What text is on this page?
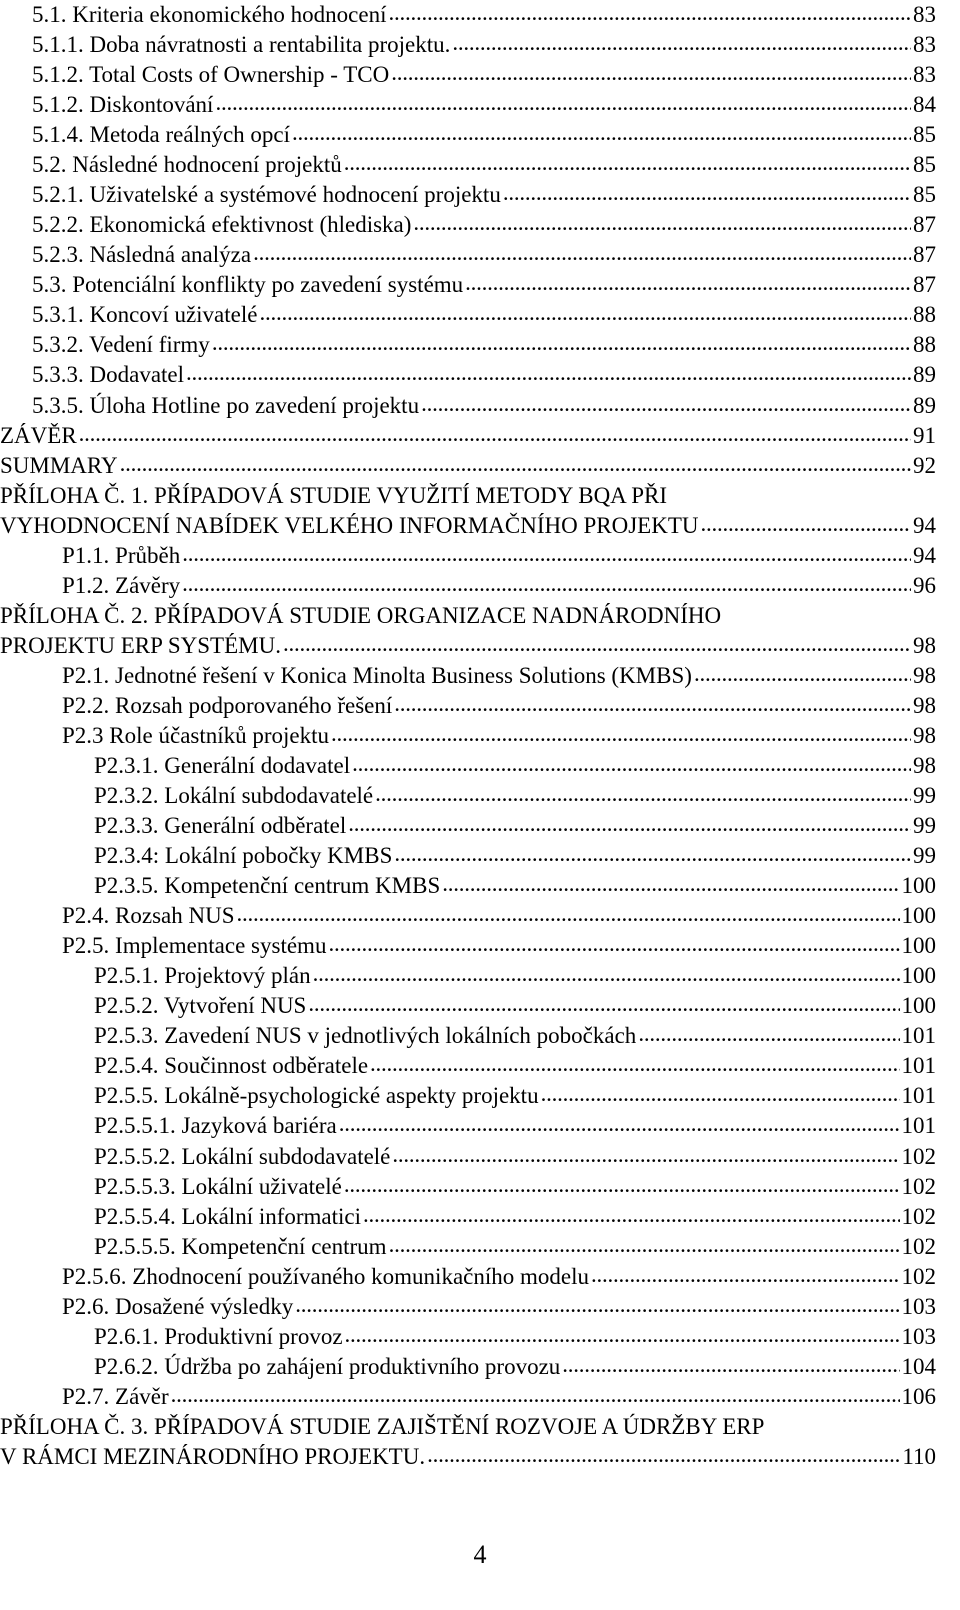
5.1. Kriteria ekonomického hodnocení . . .	83
5.1.1. Doba návratnosti a rentabilita projektu. . . .	83
5.1.2. Total Costs of Ownership - TCO . . .	83
5.1.2. Diskontování . . .	84
5.1.4. Metoda reálných opcí . . .	85
5.2. Následné hodnocení projektů . . .	85
5.2.1. Uživatelské a systémové hodnocení projektu . . .	85
5.2.2. Ekonomická efektivnost (hlediska) . . .	87
5.2.3. Následná analýza . . .	87
5.3. Potenciální konflikty po zavedení systému . . .	87
5.3.1. Koncoví uživatelé . . .	88
5.3.2. Vedení firmy . . .	88
5.3.3. Dodavatel . . .	89
5.3.5. Úloha Hotline po zavedení projektu . . .	89
ZÁVĚR . . .	91
SUMMARY . . .	92
PŘÍLOHA Č. 1. PŘÍPADOVÁ STUDIE VYUŽITÍ METODY BQA PŘI
VYHODNOCENÍ NABÍDEK VELKÉHO INFORMAČNÍHO PROJEKTU . . .	94
P1.1. Průběh . . .	94
P1.2. Závěry . . .	96
PŘÍLOHA Č. 2. PŘÍPADOVÁ STUDIE ORGANIZACE NADNÁRODNÍHO
PROJEKTU ERP SYSTÉMU. . . .	98
P2.1. Jednotné řešení v Konica Minolta Business Solutions (KMBS) . . .	98
P2.2. Rozsah podporovaného řešení . . .	98
P2.3 Role účastníků projektu . . .	98
P2.3.1. Generální dodavatel . . .	98
P2.3.2. Lokální subdodavatelé . . .	99
P2.3.3. Generální odběratel . . .	99
P2.3.4: Lokální pobočky KMBS . . .	99
P2.3.5. Kompetenční centrum KMBS . . .	100
P2.4. Rozsah NUS . . .	100
P2.5. Implementace systému . . .	100
P2.5.1. Projektový plán . . .	100
P2.5.2. Vytvoření NUS . . .	100
P2.5.3. Zavedení NUS v jednotlivých lokálních pobočkách . . .	101
P2.5.4. Součinnost odběratele . . .	101
P2.5.5. Lokálně-psychologické aspekty projektu . . .	101
P2.5.5.1. Jazyková bariéra . . .	101
P2.5.5.2. Lokální subdodavatelé . . .	102
P2.5.5.3. Lokální uživatelé . . .	102
P2.5.5.4. Lokální informatici . . .	102
P2.5.5.5. Kompetenční centrum . . .	102
P2.5.6. Zhodnocení používaného komunikačního modelu . . .	102
P2.6. Dosažené výsledky . . .	103
P2.6.1. Produktivní provoz . . .	103
P2.6.2. Údržba po zahájení produktivního provozu . . .	104
P2.7. Závěr . . .	106
PŘÍLOHA Č. 3. PŘÍPADOVÁ STUDIE ZAJIŠTĚNÍ ROZVOJE A ÚDRŽBY ERP
V RÁMCI MEZINÁRODNÍHO PROJEKTU. . . .	110
4
